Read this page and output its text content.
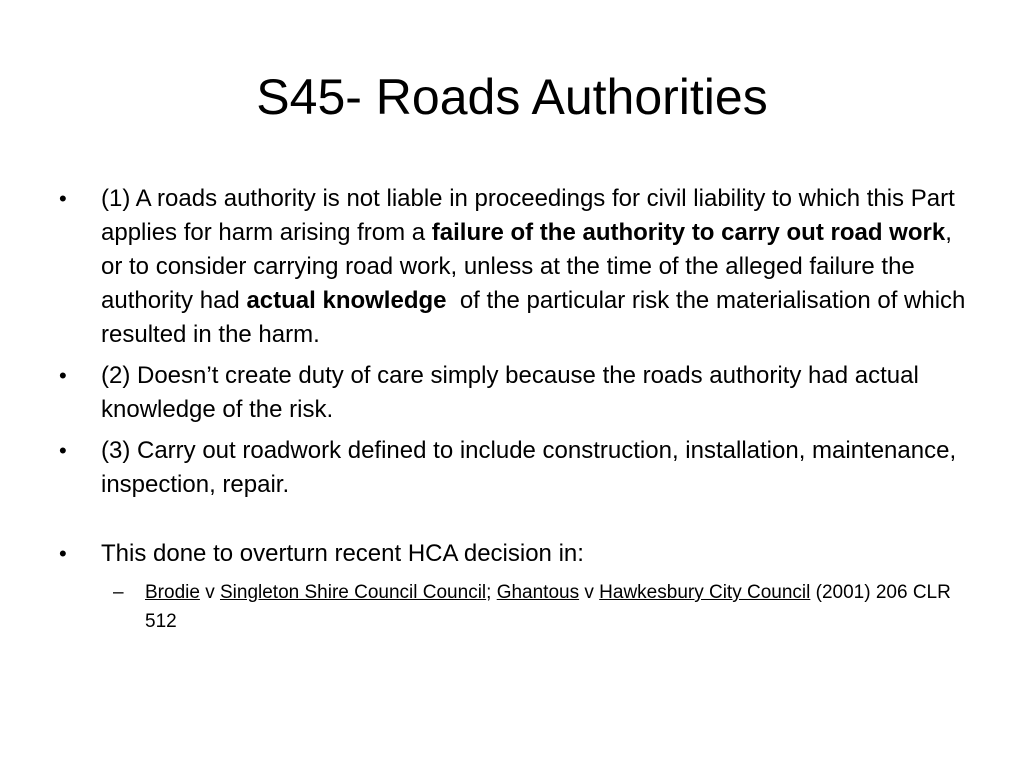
S45- Roads Authorities
• (1) A roads authority is not liable in proceedings for civil liability to which this Part applies for harm arising from a failure of the authority to carry out road work, or to consider carrying road work, unless at the time of the alleged failure the authority had actual knowledge  of the particular risk the materialisation of which resulted in the harm.
• (2) Doesn’t create duty of care simply because the roads authority had actual knowledge of the risk.
• (3) Carry out roadwork defined to include construction, installation, maintenance, inspection, repair.
• This done to overturn recent HCA decision in:
– Brodie v Singleton Shire Council Council; Ghantous v Hawkesbury City Council (2001) 206 CLR 512
